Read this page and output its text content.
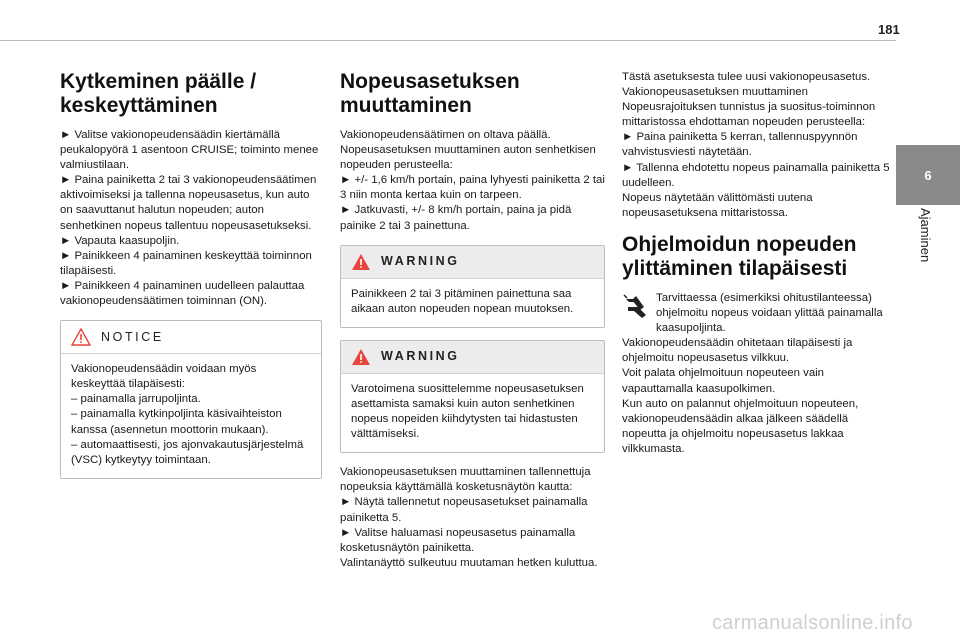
181
6
Ajaminen
Kytkeminen päälle / keskeyttäminen

► Valitse vakionopeudensäädin kiertämällä peukalopyörä 1 asentoon CRUISE; toiminto menee valmiustilaan.

► Paina painiketta 2 tai 3 vakionopeudensäätimen aktivoimiseksi ja tallenna nopeusasetus, kun auto on saavuttanut halutun nopeuden; auton senhetkinen nopeus tallentuu nopeusasetukseksi.

► Vapauta kaasupoljin.

► Painikkeen 4 painaminen keskeyttää toiminnon tilapäisesti.

► Painikkeen 4 painaminen uudelleen palauttaa vakionopeudensäätimen toiminnan (ON).

NOTICE

Vakionopeudensäädin voidaan myös keskeyttää tilapäisesti:

– painamalla jarrupoljinta.

– painamalla kytkinpoljinta käsivaihteiston kanssa (asennetun moottorin mukaan).

– automaattisesti, jos ajonvakautusjärjestelmä (VSC) kytkeytyy toimintaan.

Nopeusasetuksen muuttaminen

Vakionopeudensäätimen on oltava päällä.

Nopeusasetuksen muuttaminen auton senhetkisen nopeuden perusteella:

► +/- 1,6 km/h portain, paina lyhyesti painiketta 2 tai 3 niin monta kertaa kuin on tarpeen.

► Jatkuvasti, +/- 8 km/h portain, paina ja pidä painike 2 tai 3 painettuna.

WARNING
Painikkeen 2 tai 3 pitäminen painettuna saa aikaan auton nopeuden nopean muutoksen.
WARNING
Varotoimena suosittelemme nopeusasetuksen asettamista samaksi kuin auton senhetkinen nopeus nopeiden kiihdytysten tai hidastusten välttämiseksi.

Vakionopeusasetuksen muuttaminen tallennettuja nopeuksia käyttämällä kosketusnäytön kautta:

► Näytä tallennetut nopeusasetukset painamalla painiketta 5.

► Valitse haluamasi nopeusasetus painamalla kosketusnäytön painiketta.

Valintanäyttö sulkeutuu muutaman hetken kuluttua.

Tästä asetuksesta tulee uusi vakionopeusasetus.

Vakionopeusasetuksen muuttaminen Nopeusrajoituksen tunnistus ja suositus-toiminnon mittaristossa ehdottaman nopeuden perusteella:

► Paina painiketta 5 kerran, tallennuspyynnön vahvistusviesti näytetään.

► Tallenna ehdotettu nopeus painamalla painiketta 5 uudelleen.

Nopeus näytetään välittömästi uutena nopeusasetuksena mittaristossa.

Ohjelmoidun nopeuden ylittäminen tilapäisesti

Tarvittaessa (esimerkiksi ohitustilanteessa) ohjelmoitu nopeus voidaan ylittää painamalla kaasupoljinta.

Vakionopeudensäädin ohitetaan tilapäisesti ja ohjelmoitu nopeusasetus vilkkuu.

Voit palata ohjelmoituun nopeuteen vain vapauttamalla kaasupolkimen.

Kun auto on palannut ohjelmoituun nopeuteen, vakionopeudensäädin alkaa jälkeen säädellä nopeutta ja ohjelmoitu nopeusasetus lakkaa vilkkumasta.

carmanualsonline.info
